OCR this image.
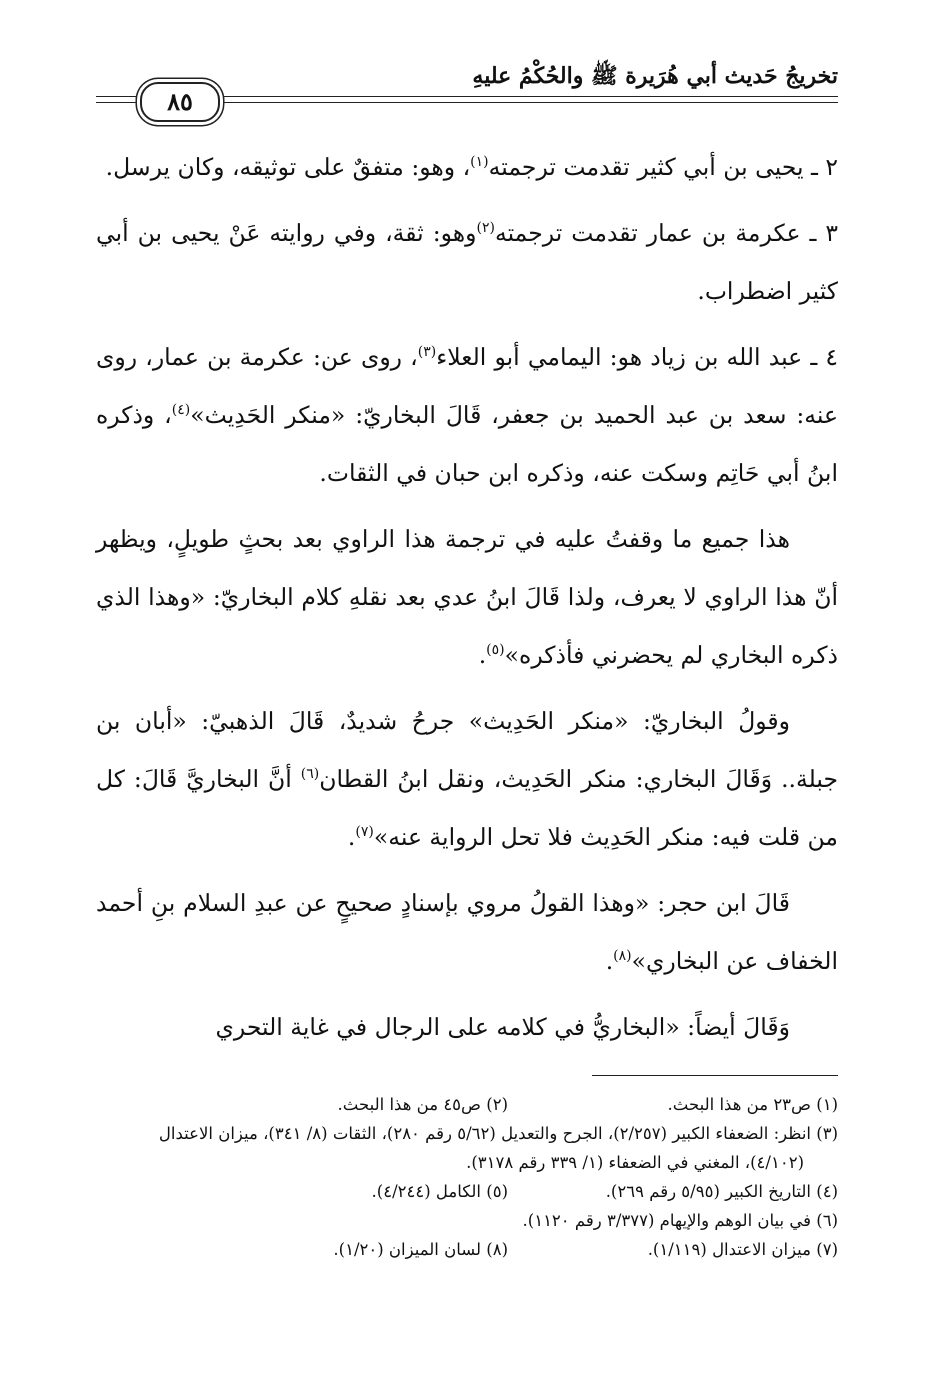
تخريجُ حَديث أبي هُرَيرة ﷺ والحُكْمُ عليهِ
٨٥

٢ ـ يحيى بن أبي كثير تقدمت ترجمته$^{(١)}$، وهو: متفقٌ على توثيقه، وكان يرسل.

٣ ـ عكرمة بن عمار تقدمت ترجمته$^{(٢)}$وهو: ثقة، وفي روايته عَنْ يحيى بن أبي كثير اضطراب.

٤ ـ عبد الله بن زياد هو: اليمامي أبو العلاء$^{(٣)}$، روى عن: عكرمة بن عمار، روى عنه: سعد بن عبد الحميد بن جعفر، قَالَ البخاريّ: «منكر الحَدِيث»$^{(٤)}$، وذكره ابنُ أبي حَاتِم وسكت عنه، وذكره ابن حبان في الثقات.

هذا جميع ما وقفتُ عليه في ترجمة هذا الراوي بعد بحثٍ طويلٍ، ويظهر أنّ هذا الراوي لا يعرف، ولذا قَالَ ابنُ عدي بعد نقلهِ كلام البخاريّ: «وهذا الذي ذكره البخاري لم يحضرني فأذكره»$^{(٥)}$.

وقولُ البخاريّ: «منكر الحَدِيث» جرحُ شديدٌ، قَالَ الذهبيّ: «أبان بن جبلة.. وَقَالَ البخاري: منكر الحَدِيث، ونقل ابنُ القطان$^{(٦)}$ أنَّ البخاريَّ قَالَ: كل من قلت فيه: منكر الحَدِيث فلا تحل الرواية عنه»$^{(٧)}$.

قَالَ ابن حجر: «وهذا القولُ مروي بإسنادٍ صحيحٍ عن عبدِ السلام بنِ أحمد الخفاف عن البخاري»$^{(٨)}$.

وَقَالَ أيضاً: «البخاريُّ في كلامه على الرجال في غاية التحري

(١) ص٢٣ من هذا البحث.
(٢) ص٤٥ من هذا البحث.
(٣) انظر: الضعفاء الكبير (٢/٢٥٧)، الجرح والتعديل (٥/٦٢ رقم ٢٨٠)، الثقات (٨/ ٣٤١)، ميزان الاعتدال (٤/١٠٢)، المغني في الضعفاء (١/ ٣٣٩ رقم ٣١٧٨).
(٤) التاريخ الكبير (٥/٩٥ رقم ٢٦٩).
(٥) الكامل (٤/٢٤٤).
(٦) في بيان الوهم والإيهام (٣/٣٧٧ رقم ١١٢٠).
(٧) ميزان الاعتدال (١/١١٩).
(٨) لسان الميزان (١/٢٠).
